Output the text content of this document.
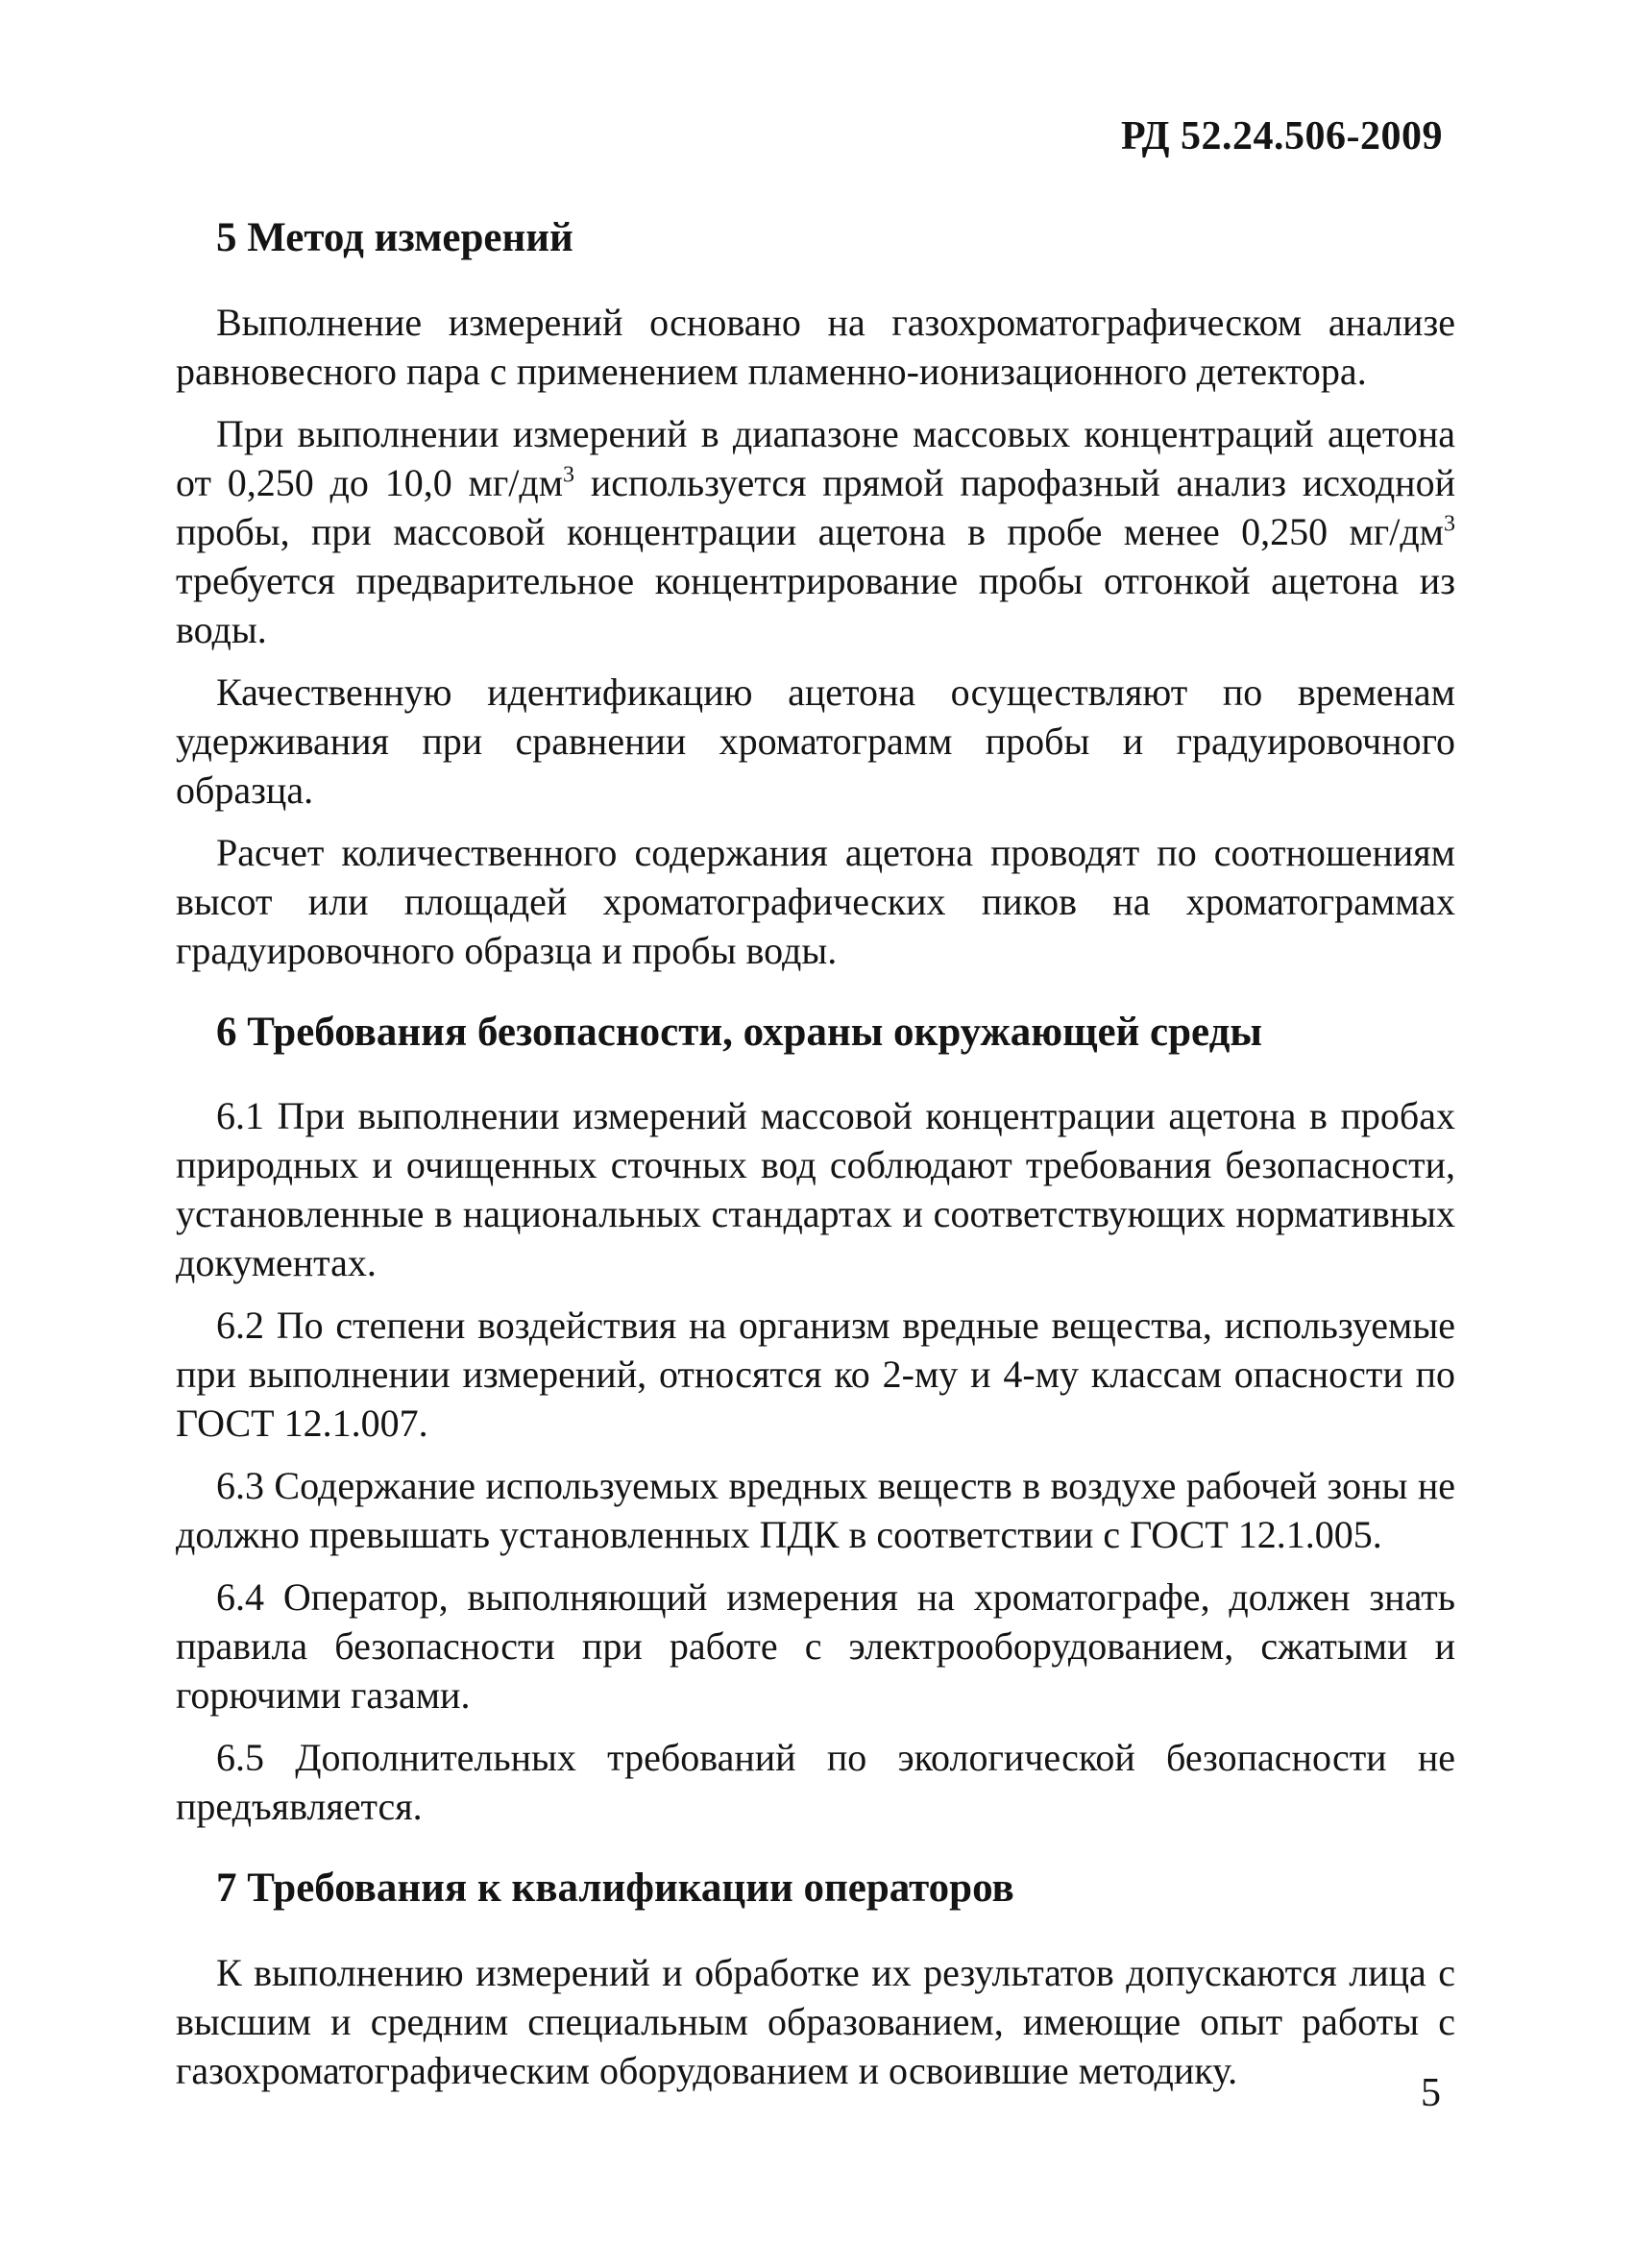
РД 52.24.506-2009
5 Метод измерений

Выполнение измерений основано на газохроматографическом анализе равновесного пара с применением пламенно-ионизационного детектора.

При выполнении измерений в диапазоне массовых концентраций ацетона от 0,250 до 10,0 $мг/дм^3$ используется прямой парофазный анализ исходной пробы, при массовой концентрации ацетона в пробе менее 0,250 $мг/дм^3$ требуется предварительное концентрирование пробы отгонкой ацетона из воды.

Качественную идентификацию ацетона осуществляют по временам удерживания при сравнении хроматограмм пробы и градуировочного образца.

Расчет количественного содержания ацетона проводят по соотношениям высот или площадей хроматографических пиков на хроматограммах градуировочного образца и пробы воды.

6 Требования безопасности, охраны окружающей среды

6.1 При выполнении измерений массовой концентрации ацетона в пробах природных и очищенных сточных вод соблюдают требования безопасности, установленные в национальных стандартах и соответствующих нормативных документах.

6.2 По степени воздействия на организм вредные вещества, используемые при выполнении измерений, относятся ко 2-му и 4-му классам опасности по ГОСТ 12.1.007.

6.3 Содержание используемых вредных веществ в воздухе рабочей зоны не должно превышать установленных ПДК в соответствии с ГОСТ 12.1.005.

6.4 Оператор, выполняющий измерения на хроматографе, должен знать правила безопасности при работе с электрооборудованием, сжатыми и горючими газами.

6.5 Дополнительных требований по экологической безопасности не предъявляется.

7 Требования к квалификации операторов

К выполнению измерений и обработке их результатов допускаются лица с высшим и средним специальным образованием, имеющие опыт работы с газохроматографическим оборудованием и освоившие методику.

5
